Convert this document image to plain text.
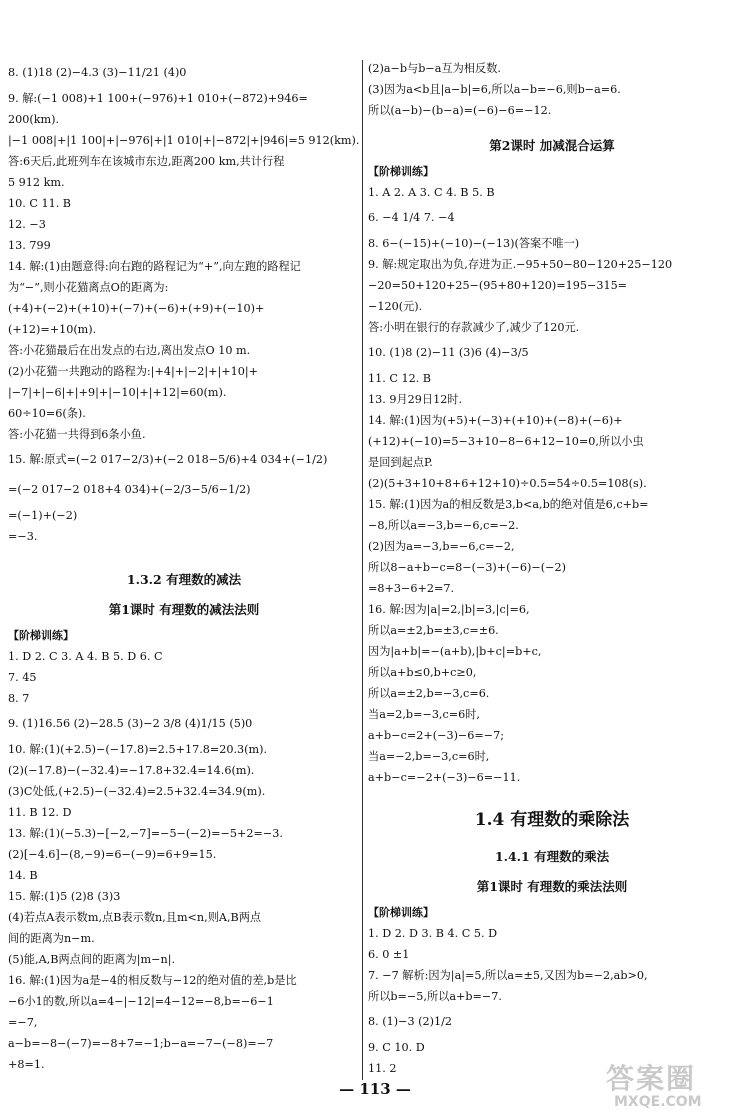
8. (1)18 (2)−4.3 (3)−11/21 (4)0
9. 解:(−1 008)+1 100+(−976)+1 010+(−872)+946=
200(km).
|−1 008|+|1 100|+|−976|+|1 010|+|−872|+|946|=5 912(km).
答:6天后,此班列车在该城市东边,距离200 km,共计行程
5 912 km.
10. C 11. B
12. −3
13. 799
14. 解:(1)由题意得:向右跑的路程记为“+”,向左跑的路程记
为“−”,则小花猫离点O的距离为:
(+4)+(−2)+(+10)+(−7)+(−6)+(+9)+(−10)+
(+12)=+10(m).
答:小花猫最后在出发点的右边,离出发点O 10 m.
(2)小花猫一共跑动的路程为:|+4|+|−2|+|+10|+
|−7|+|−6|+|+9|+|−10|+|+12|=60(m).
60÷10=6(条).
答:小花猫一共得到6条小鱼.
15. 解:原式=(−2 017−2/3)+(−2 018−5/6)+4 034+(−1/2)
=(−2 017−2 018+4 034)+(−2/3−5/6−1/2)
=(−1)+(−2)
=−3.
1.3.2 有理数的减法
第1课时 有理数的减法法则
【阶梯训练】
1. D 2. C 3. A 4. B 5. D 6. C
7. 45
8. 7
9. (1)16.56 (2)−28.5 (3)−2 3/8 (4)1/15 (5)0
10. 解:(1)(+2.5)−(−17.8)=2.5+17.8=20.3(m).
(2)(−17.8)−(−32.4)=−17.8+32.4=14.6(m).
(3)C处低,(+2.5)−(−32.4)=2.5+32.4=34.9(m).
11. B 12. D
13. 解:(1)(−5.3)−[−2,−7]=−5−(−2)=−5+2=−3.
(2)[−4.6]−(8,−9)=6−(−9)=6+9=15.
14. B
15. 解:(1)5 (2)8 (3)3
(4)若点A表示数m,点B表示数n,且m<n,则A,B两点
间的距离为n−m.
(5)能,A,B两点间的距离为|m−n|.
16. 解:(1)因为a是−4的相反数与−12的绝对值的差,b是比
−6小1的数,所以a=4−|−12|=4−12=−8,b=−6−1
=−7,
a−b=−8−(−7)=−8+7=−1;b−a=−7−(−8)=−7
+8=1.
(2)a−b与b−a互为相反数.
(3)因为a<b且|a−b|=6,所以a−b=−6,则b−a=6.
所以(a−b)−(b−a)=(−6)−6=−12.
第2课时 加减混合运算
【阶梯训练】
1. A 2. A 3. C 4. B 5. B
6. −4 1/4 7. −4
8. 6−(−15)+(−10)−(−13)(答案不唯一)
9. 解:规定取出为负,存进为正.−95+50−80−120+25−120
−20=50+120+25−(95+80+120)=195−315=
−120(元).
答:小明在银行的存款减少了,减少了120元.
10. (1)8 (2)−11 (3)6 (4)−3/5
11. C 12. B
13. 9月29日12时.
14. 解:(1)因为(+5)+(−3)+(+10)+(−8)+(−6)+
(+12)+(−10)=5−3+10−8−6+12−10=0,所以小虫
是回到起点P.
(2)(5+3+10+8+6+12+10)÷0.5=54÷0.5=108(s).
15. 解:(1)因为a的相反数是3,b<a,b的绝对值是6,c+b=
−8,所以a=−3,b=−6,c=−2.
(2)因为a=−3,b=−6,c=−2,
所以8−a+b−c=8−(−3)+(−6)−(−2)
=8+3−6+2=7.
16. 解:因为|a|=2,|b|=3,|c|=6,
所以a=±2,b=±3,c=±6.
因为|a+b|=−(a+b),|b+c|=b+c,
所以a+b≤0,b+c≥0,
所以a=±2,b=−3,c=6.
当a=2,b=−3,c=6时,
a+b−c=2+(−3)−6=−7;
当a=−2,b=−3,c=6时,
a+b−c=−2+(−3)−6=−11.
1.4 有理数的乘除法
1.4.1 有理数的乘法
第1课时 有理数的乘法法则
【阶梯训练】
1. D 2. D 3. B 4. C 5. D
6. 0 ±1
7. −7 解析:因为|a|=5,所以a=±5,又因为b=−2,ab>0,
所以b=−5,所以a+b=−7.
8. (1)−3 (2)1/2
9. C 10. D
11. 2
— 113 —	答案圈
MXQE.COM
